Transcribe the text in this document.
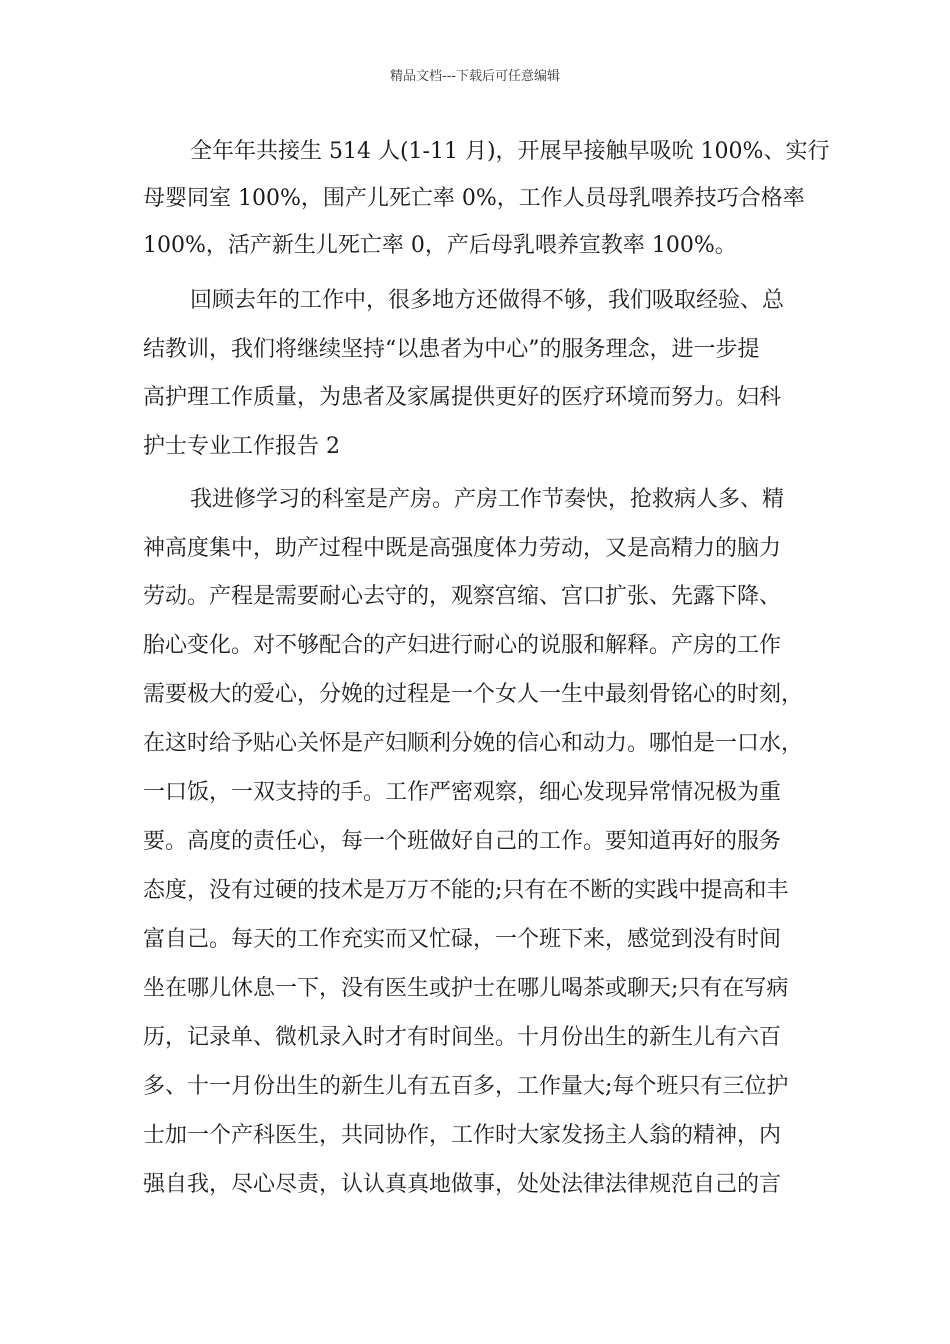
精品文档---下载后可任意编辑
全年年共接生 514 人(1-11 月)，开展早接触早吸吮 100%、实行
母婴同室 100%，围产儿死亡率 0%，工作人员母乳喂养技巧合格率
100%，活产新生儿死亡率 0，产后母乳喂养宣教率 100%。
回顾去年的工作中，很多地方还做得不够，我们吸取经验、总
结教训，我们将继续坚持“以患者为中心”的服务理念，进一步提
高护理工作质量，为患者及家属提供更好的医疗环境而努力。妇科
护士专业工作报告 2
我进修学习的科室是产房。产房工作节奏快，抢救病人多、精
神高度集中，助产过程中既是高强度体力劳动，又是高精力的脑力
劳动。产程是需要耐心去守的，观察宫缩、宫口扩张、先露下降、
胎心变化。对不够配合的产妇进行耐心的说服和解释。产房的工作
需要极大的爱心，分娩的过程是一个女人一生中最刻骨铭心的时刻，
在这时给予贴心关怀是产妇顺利分娩的信心和动力。哪怕是一口水，
一口饭，一双支持的手。工作严密观察，细心发现异常情况极为重
要。高度的责任心，每一个班做好自己的工作。要知道再好的服务
态度，没有过硬的技术是万万不能的;只有在不断的实践中提高和丰
富自己。每天的工作充实而又忙碌，一个班下来，感觉到没有时间
坐在哪儿休息一下，没有医生或护士在哪儿喝茶或聊天;只有在写病
历，记录单、微机录入时才有时间坐。十月份出生的新生儿有六百
多、十一月份出生的新生儿有五百多，工作量大;每个班只有三位护
士加一个产科医生，共同协作，工作时大家发扬主人翁的精神，内
强自我，尽心尽责，认认真真地做事，处处法律法律规范自己的言
